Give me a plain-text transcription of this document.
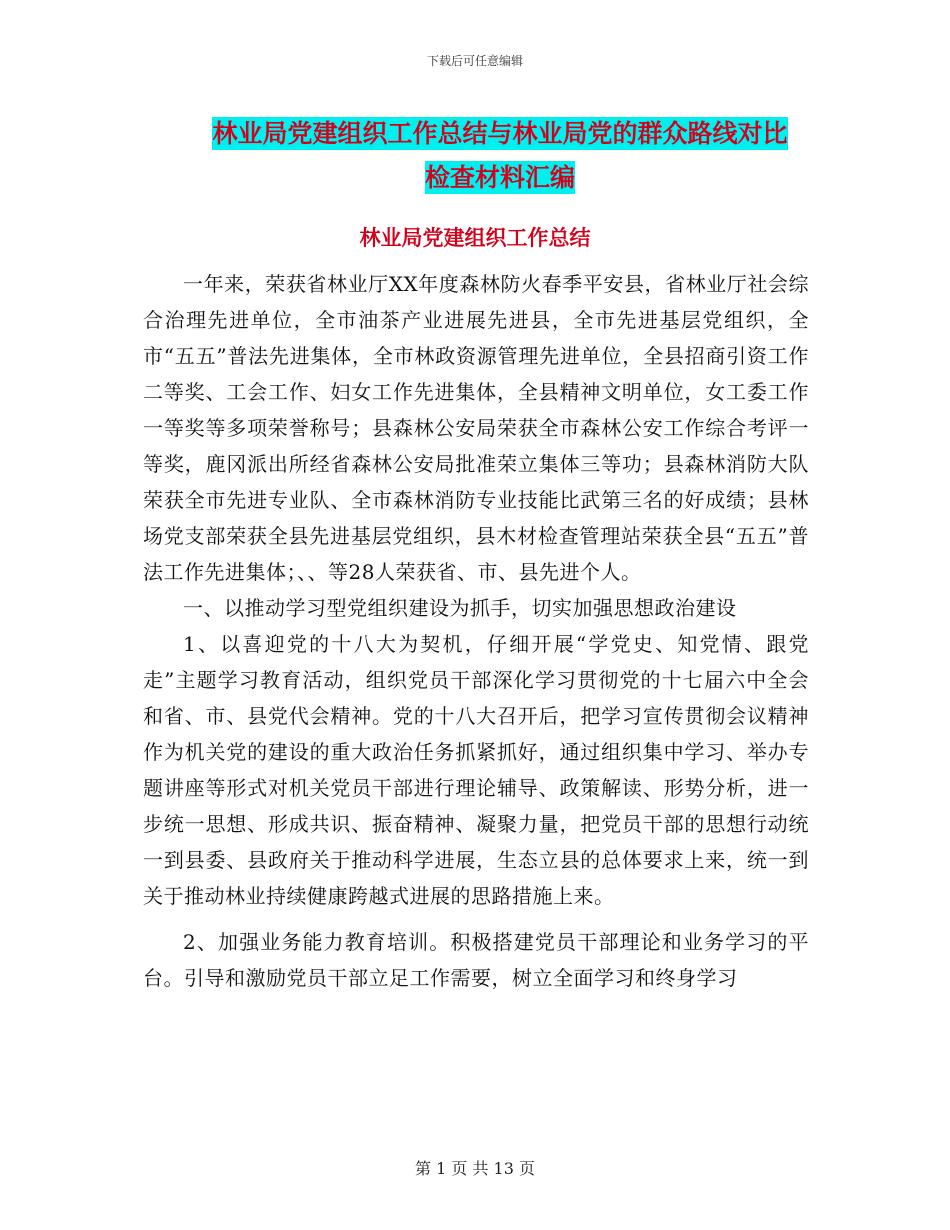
下载后可任意编辑
林业局党建组织工作总结与林业局党的群众路线对比
检查材料汇编
林业局党建组织工作总结

一年来，荣获省林业厅XX年度森林防火春季平安县，省林业厅社会综合治理先进单位，全市油茶产业进展先进县，全市先进基层党组织，全市“五五”普法先进集体，全市林政资源管理先进单位，全县招商引资工作二等奖、工会工作、妇女工作先进集体，全县精神文明单位，女工委工作一等奖等多项荣誉称号；县森林公安局荣获全市森林公安工作综合考评一等奖，鹿冈派出所经省森林公安局批准荣立集体三等功；县森林消防大队荣获全市先进专业队、全市森林消防专业技能比武第三名的好成绩；县林场党支部荣获全县先进基层党组织，县木材检查管理站荣获全县“五五”普法工作先进集体；、、等28人荣获省、市、县先进个人。

一、以推动学习型党组织建设为抓手，切实加强思想政治建设

1、以喜迎党的十八大为契机，仔细开展“学党史、知党情、跟党走”主题学习教育活动，组织党员干部深化学习贯彻党的十七届六中全会和省、市、县党代会精神。党的十八大召开后，把学习宣传贯彻会议精神作为机关党的建设的重大政治任务抓紧抓好，通过组织集中学习、举办专题讲座等形式对机关党员干部进行理论辅导、政策解读、形势分析，进一步统一思想、形成共识、振奋精神、凝聚力量，把党员干部的思想行动统一到县委、县政府关于推动科学进展，生态立县的总体要求上来，统一到关于推动林业持续健康跨越式进展的思路措施上来。

2、加强业务能力教育培训。积极搭建党员干部理论和业务学习的平台。引导和激励党员干部立足工作需要，树立全面学习和终身学习

第 1 页 共 13 页
